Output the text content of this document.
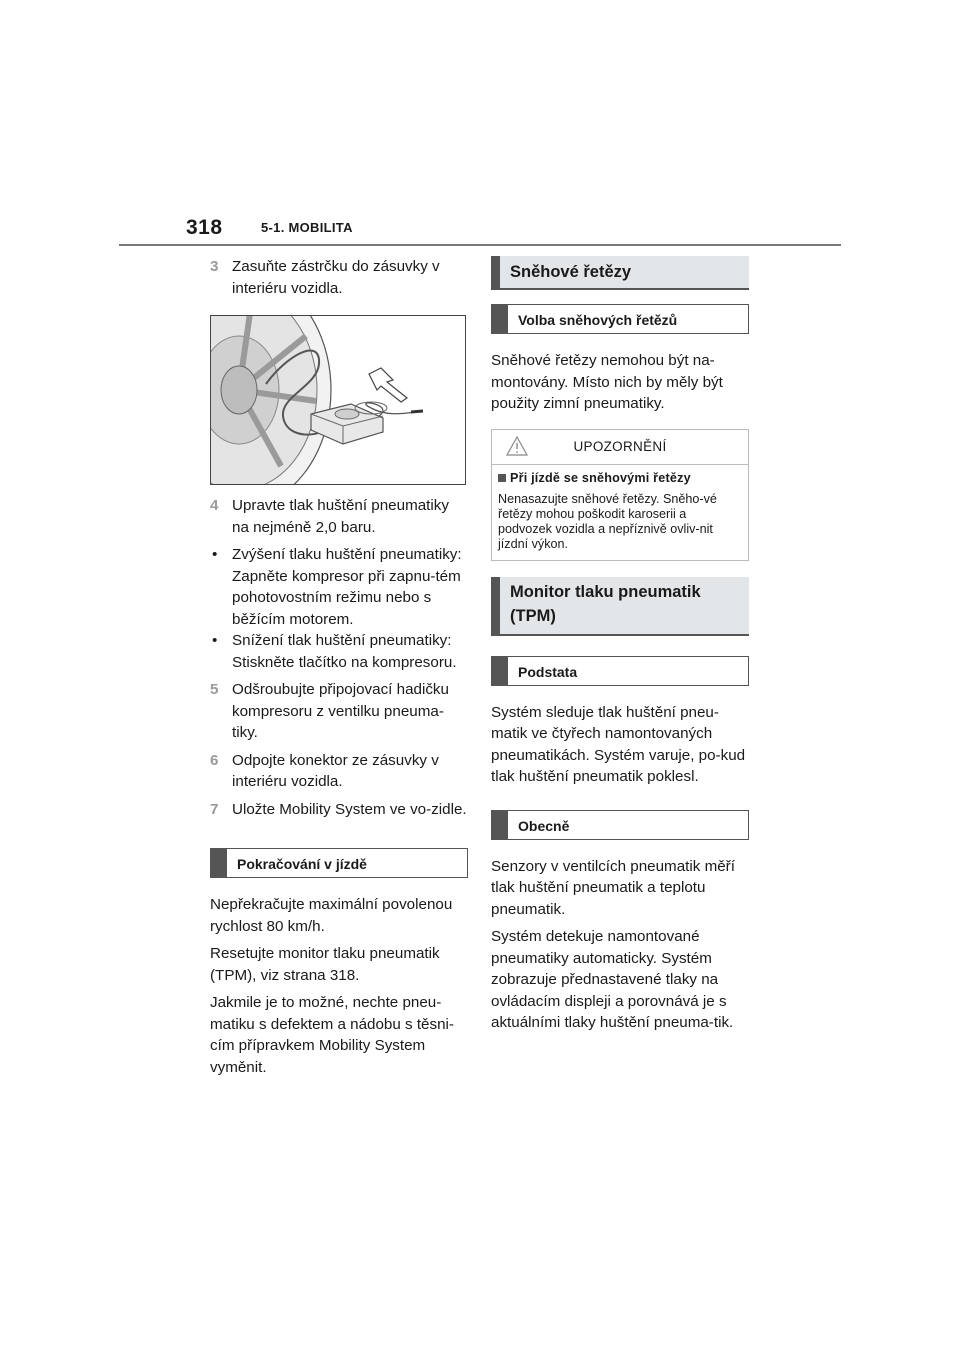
318	5-1. MOBILITA
3 Zasuňte zástrčku do zásuvky v interiéru vozidla.
4 Upravte tlak huštění pneumatiky na nejméně 2,0 baru.
• Zvýšení tlaku huštění pneumatiky: Zapněte kompresor při zapnu-tém pohotovostním režimu nebo s běžícím motorem.
• Snížení tlak huštění pneumatiky: Stiskněte tlačítko na kompresoru.
5 Odšroubujte připojovací hadičku kompresoru z ventilku pneuma-tiky.
6 Odpojte konektor ze zásuvky v interiéru vozidla.
7 Uložte Mobility System ve vo-zidle.
Pokračování v jízdě

Nepřekračujte maximální povolenou rychlost 80 km/h.

Resetujte monitor tlaku pneumatik (TPM), viz strana 318.

Jakmile je to možné, nechte pneu-matiku s defektem a nádobu s těsni-cím přípravkem Mobility System vyměnit.

Sněhové řetězy
Volba sněhových řetězů

Sněhové řetězy nemohou být na-montovány. Místo nich by měly být použity zimní pneumatiky.

UPOZORNĚNÍ
Při jízdě se sněhovými řetězy
Nenasazujte sněhové řetězy. Sněho-vé řetězy mohou poškodit karoserii a podvozek vozidla a nepříznivě ovliv-nit jízdní výkon.
Monitor tlaku pneumatik (TPM)
Podstata

Systém sleduje tlak huštění pneu-matik ve čtyřech namontovaných pneumatikách. Systém varuje, po-kud tlak huštění pneumatik poklesl.

Obecně

Senzory v ventilcích pneumatik měří tlak huštění pneumatik a teplotu pneumatik.

Systém detekuje namontované pneumatiky automaticky. Systém zobrazuje přednastavené tlaky na ovládacím displeji a porovnává je s aktuálními tlaky huštění pneuma-tik.
